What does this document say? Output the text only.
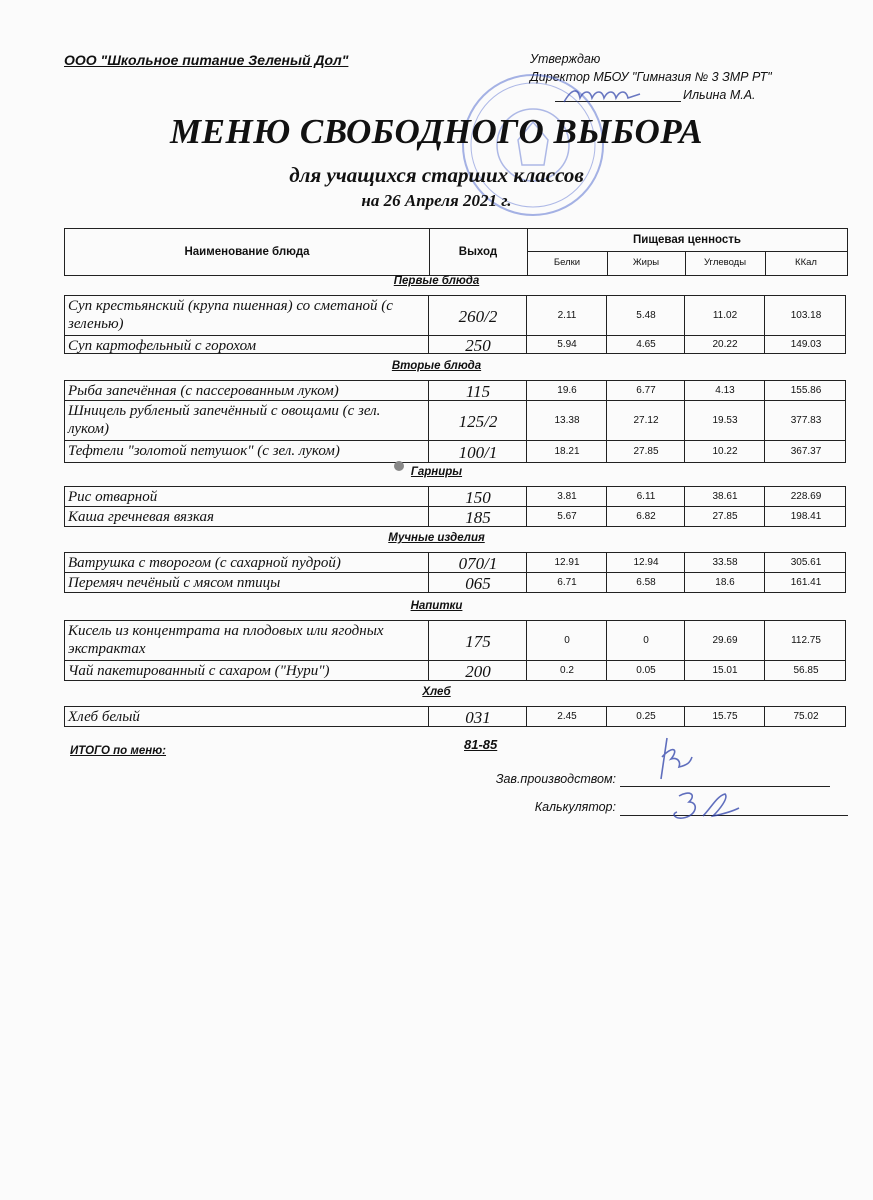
ООО "Школьное питание Зеленый Дол"	Утверждаю
Директор МБОУ "Гимназия № 3 ЗМР РТ"
Ильина М.А.
МЕНЮ СВОБОДНОГО ВЫБОРА
для учащихся старших классов
на 26 Апреля 2021 г.
Наименование блюда	Выход
Пищевая ценность
Белки	Жиры	Углеводы	ККал
Первые блюда
Суп крестьянский (крупа пшенная) со сметаной (с зеленью)	260/2	2.11	5.48	11.02	103.18
Суп картофельный с горохом	250	5.94	4.65	20.22	149.03
Вторые блюда
Рыба запечённая (с пассерованным луком)	115	19.6	6.77	4.13	155.86
Шницель рубленый запечённый с овощами (с зел. луком)	125/2	13.38	27.12	19.53	377.83
Тефтели "золотой петушок" (с зел. луком)	100/1	18.21	27.85	10.22	367.37
Гарниры
Рис отварной	150	3.81	6.11	38.61	228.69
Каша гречневая вязкая	185	5.67	6.82	27.85	198.41
Мучные изделия
Ватрушка с творогом (с сахарной пудрой)	070/1	12.91	12.94	33.58	305.61
Перемяч печёный с мясом птицы	065	6.71	6.58	18.6	161.41
Напитки
Кисель из концентрата на плодовых или ягодных экстрактах	175	0	0	29.69	112.75
Чай пакетированный с сахаром ("Нури")	200	0.2	0.05	15.01	56.85
Хлеб
Хлеб белый	031	2.45	0.25	15.75	75.02
ИТОГО по меню:	81-85
Зав.производством:
Калькулятор:
